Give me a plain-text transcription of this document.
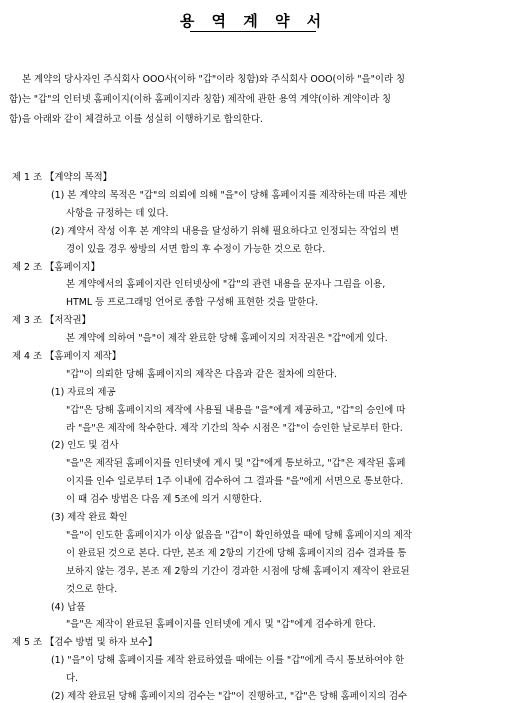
용 역 계 약 서
본 계약의 당사자인 주식회사 OOO사(이하 "갑"이라 칭함)와 주식회사 OOO(이하 "을"이라 칭
함)는 "갑"의 인터넷 홈페이지(이하 홈페이지라 칭함) 제작에 관한 용역 계약(이하 계약이라 칭
함)을 아래와 같이 체결하고 이를 성실히 이행하기로 합의한다.
제 1 조 【계약의 목적】
(1) 본 계약의 목적은 "갑"의 의뢰에 의해 "을"이 당해 홈페이지를 제작하는데 따른 제반
사항을 규정하는 데 있다.
(2) 계약서 작성 이후 본 계약의 내용을 달성하기 위해 필요하다고 인정되는 작업의 변
경이 있을 경우 쌍방의 서면 합의 후 수정이 가능한 것으로 한다.
제 2 조 【홈페이지】
본 계약에서의 홈페이지란 인터넷상에 "갑"의 관련 내용을 문자나 그림을 이용,
HTML 등 프로그래밍 언어로 종합 구성해 표현한 것을 말한다.
제 3 조 【저작권】
본 계약에 의하여 "을"이 제작 완료한 당해 홈페이지의 저작권은 "갑"에게 있다.
제 4 조 【홈페이지 제작】
"갑"이 의뢰한 당해 홈페이지의 제작은 다음과 같은 절차에 의한다.
(1) 자료의 제공
"갑"은 당해 홈페이지의 제작에 사용될 내용을 "을"에게 제공하고, "갑"의 승인에 따
라 "을"은 제작에 착수한다. 제작 기간의 착수 시점은 "갑"이 승인한 날로부터 한다.
(2) 인도 및 검사
"을"은 제작된 홈페이지를 인터넷에 게시 및 "갑"에게 통보하고, "갑"은 제작된 홈페
이지를 인수 일로부터 1주 이내에 검수하여 그 결과를 "을"에게 서면으로 통보한다.
이 때 검수 방법은 다음 제 5조에 의거 시행한다.
(3) 제작 완료 확인
"을"이 인도한 홈페이지가 이상 없음을 "갑"이 확인하였을 때에 당해 홈페이지의 제작
이 완료된 것으로 본다. 다만, 본조 제 2항의 기간에 당해 홈페이지의 검수 결과를 통
보하지 않는 경우, 본조 제 2항의 기간이 경과한 시점에 당해 홈페이지 제작이 완료된
것으로 한다.
(4) 납품
"을"은 제작이 완료된 홈페이지를 인터넷에 게시 및 "갑"에게 검수하게 한다.
제 5 조 【검수 방법 및 하자 보수】
(1) "을"이 당해 홈페이지를 제작 완료하였을 때에는 이를 "갑"에게 즉시 통보하여야 한
다.
(2) 제작 완료된 당해 홈페이지의 검수는 "갑"이 진행하고, "갑"은 당해 홈페이지의 검수
